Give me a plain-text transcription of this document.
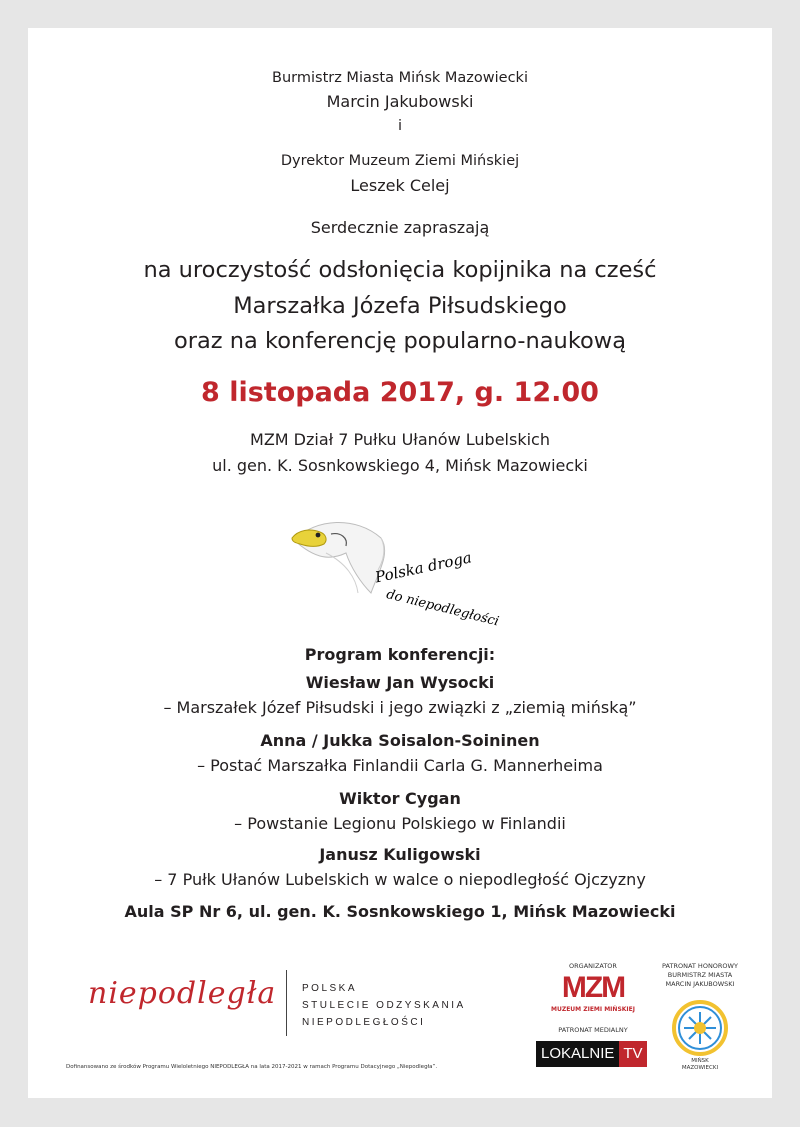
Burmistrz Miasta Mińsk Mazowiecki
Marcin Jakubowski
i
Dyrektor Muzeum Ziemi Mińskiej
Leszek Celej
Serdecznie zapraszają
na uroczystość odsłonięcia kopijnika na cześć
Marszałka Józefa Piłsudskiego
oraz na konferencję popularno-naukową
8 listopada 2017, g. 12.00
MZM Dział 7 Pułku Ułanów Lubelskich
ul. gen. K. Sosnkowskiego 4, Mińsk Mazowiecki
Polska droga
do niepodległości
Program konferencji:
Wiesław Jan Wysocki
– Marszałek Józef Piłsudski i jego związki z „ziemią mińską”
Anna / Jukka Soisalon-Soininen
– Postać Marszałka Finlandii Carla G. Mannerheima
Wiktor Cygan
– Powstanie Legionu Polskiego w Finlandii
Janusz Kuligowski
– 7 Pułk Ułanów Lubelskich w walce o niepodległość Ojczyzny
Aula SP Nr 6, ul. gen. K. Sosnkowskiego 1, Mińsk Mazowiecki
niepodległa	POLSKA
STULECIE ODZYSKANIA
NIEPODLEGŁOŚCI
ORGANIZATOR
MZM
MUZEUM ZIEMI MIŃSKIEJ
PATRONAT MEDIALNY
LOKALNIE TV
PATRONAT HONOROWY
BURMISTRZ MIASTA
MARCIN JAKUBOWSKI
MIŃSK
MAZOWIECKI
Dofinansowano ze środków Programu Wieloletniego NIEPODLEGŁA na lata 2017-2021 w ramach Programu Dotacyjnego „Niepodległa”.
